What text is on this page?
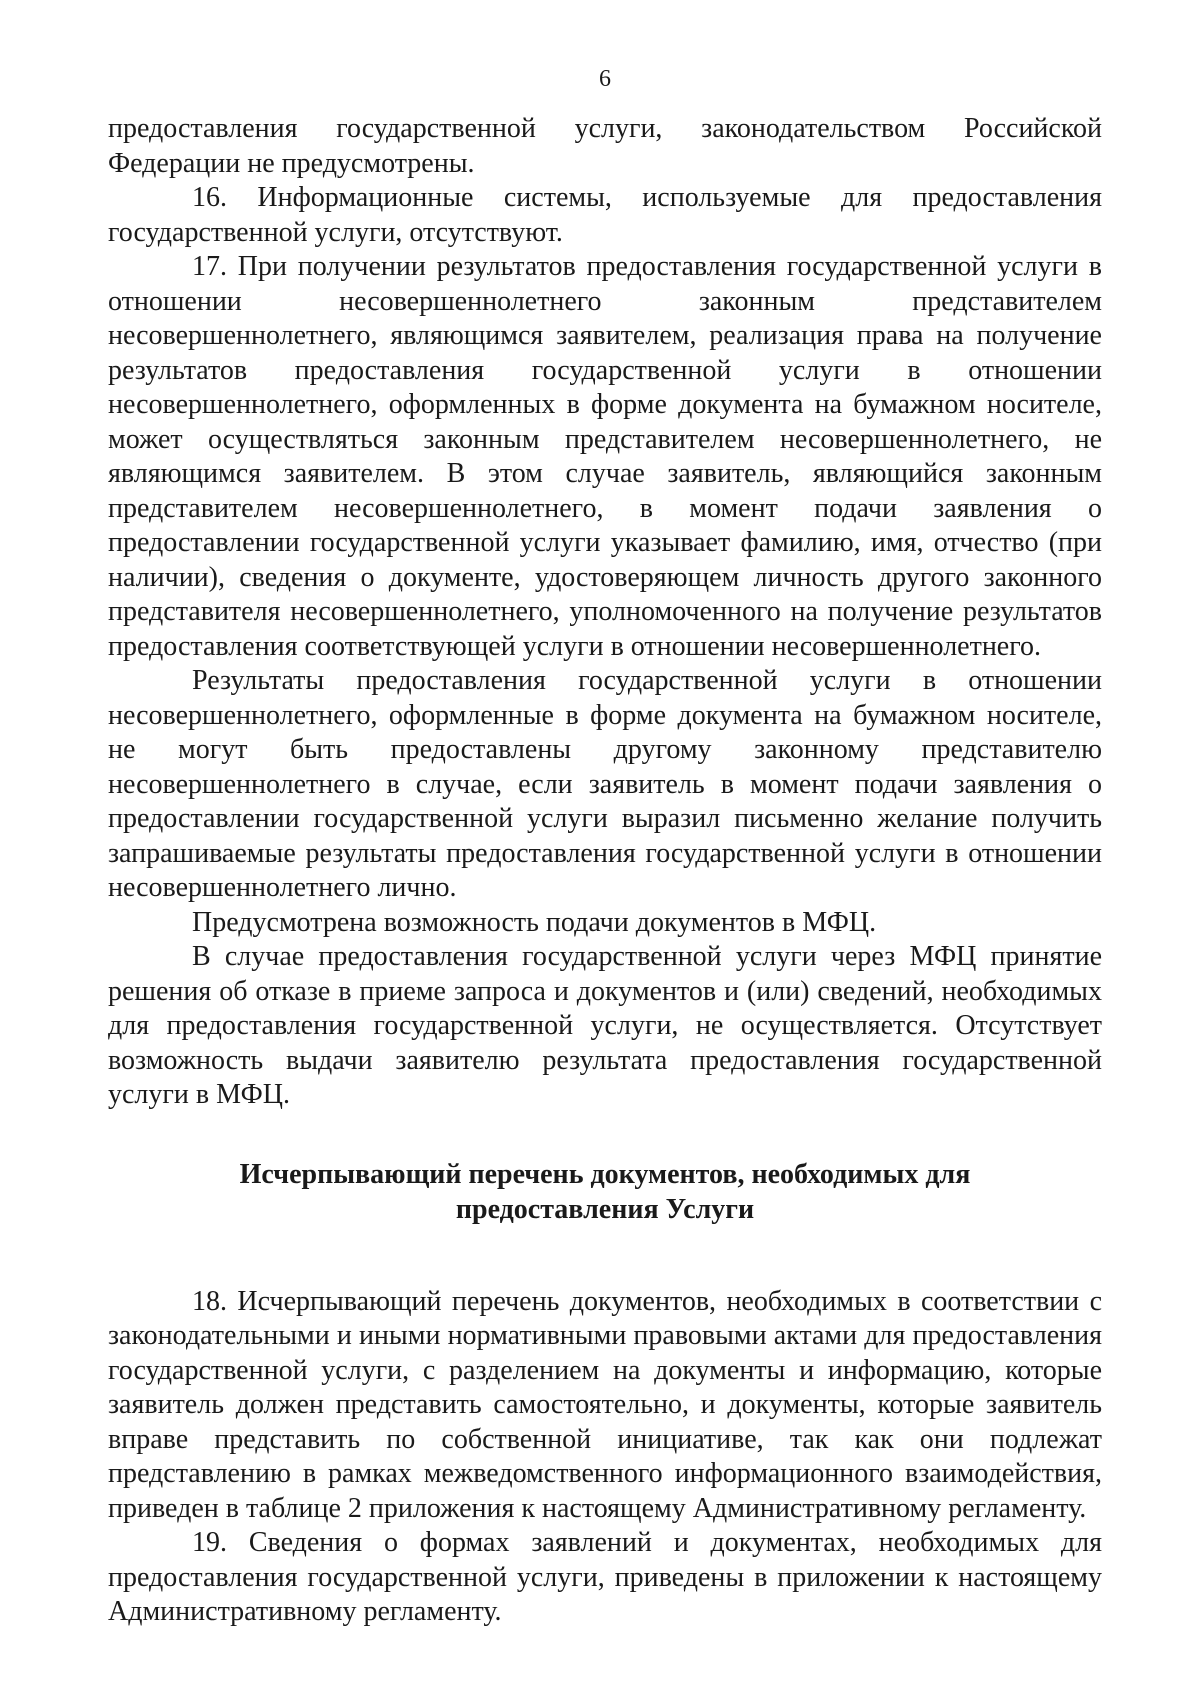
6

предоставления государственной услуги, законодательством Российской Федерации не предусмотрены.

16. Информационные системы, используемые для предоставления государственной услуги, отсутствуют.

17. При получении результатов предоставления государственной услуги в отношении несовершеннолетнего законным представителем несовершеннолетнего, являющимся заявителем, реализация права на получение результатов предоставления государственной услуги в отношении несовершеннолетнего, оформленных в форме документа на бумажном носителе, может осуществляться законным представителем несовершеннолетнего, не являющимся заявителем. В этом случае заявитель, являющийся законным представителем несовершеннолетнего, в момент подачи заявления о предоставлении государственной услуги указывает фамилию, имя, отчество (при наличии), сведения о документе, удостоверяющем личность другого законного представителя несовершеннолетнего, уполномоченного на получение результатов предоставления соответствующей услуги в отношении несовершеннолетнего.

Результаты предоставления государственной услуги в отношении несовершеннолетнего, оформленные в форме документа на бумажном носителе, не могут быть предоставлены другому законному представителю несовершеннолетнего в случае, если заявитель в момент подачи заявления о предоставлении государственной услуги выразил письменно желание получить запрашиваемые результаты предоставления государственной услуги в отношении несовершеннолетнего лично.

Предусмотрена возможность подачи документов в МФЦ.

В случае предоставления государственной услуги через МФЦ принятие решения об отказе в приеме запроса и документов и (или) сведений, необходимых для предоставления государственной услуги, не осуществляется. Отсутствует возможность выдачи заявителю результата предоставления государственной услуги в МФЦ.

Исчерпывающий перечень документов, необходимых для предоставления Услуги

18. Исчерпывающий перечень документов, необходимых в соответствии с законодательными и иными нормативными правовыми актами для предоставления государственной услуги, с разделением на документы и информацию, которые заявитель должен представить самостоятельно, и документы, которые заявитель вправе представить по собственной инициативе, так как они подлежат представлению в рамках межведомственного информационного взаимодействия, приведен в таблице 2 приложения к настоящему Административному регламенту.

19. Сведения о формах заявлений и документах, необходимых для предоставления государственной услуги, приведены в приложении к настоящему Административному регламенту.
